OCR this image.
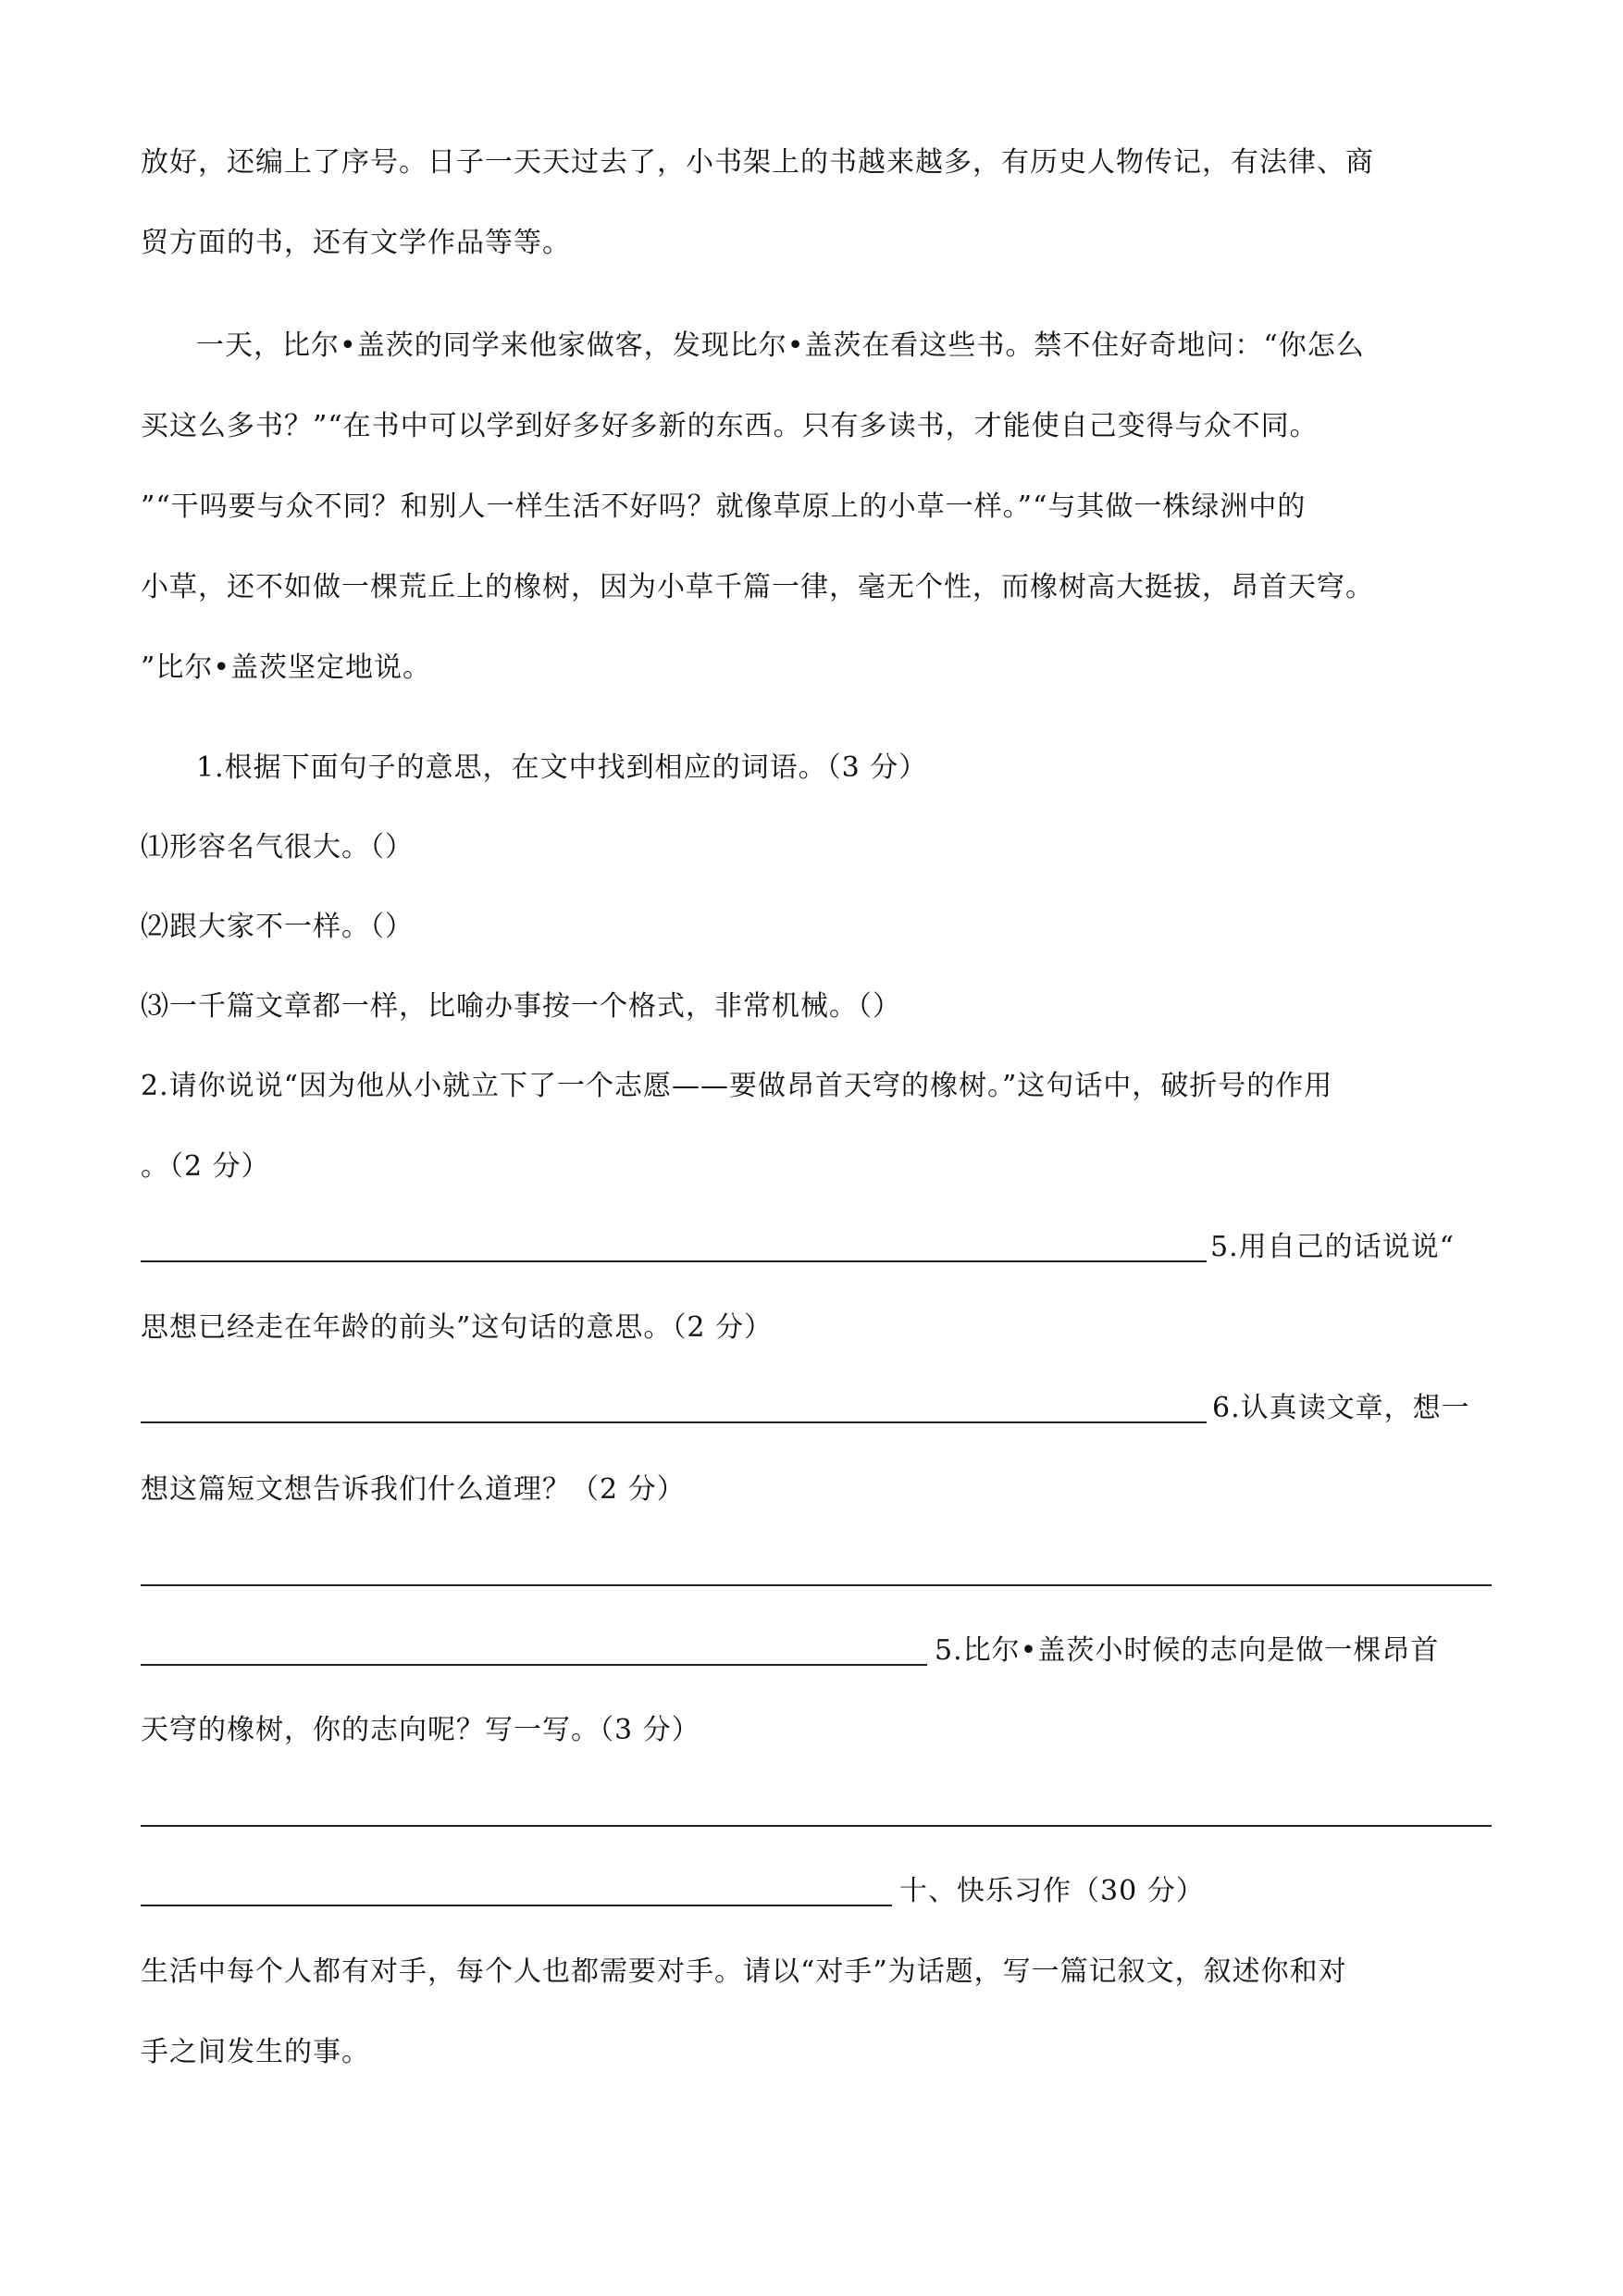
放好，还编上了序号。日子一天天过去了，小书架上的书越来越多，有历史人物传记，有法律、商
贸方面的书，还有文学作品等等。
一天，比尔•盖茨的同学来他家做客，发现比尔•盖茨在看这些书。禁不住好奇地问：“你怎么
买这么多书？”“在书中可以学到好多好多新的东西。只有多读书，才能使自己变得与众不同。
”“干吗要与众不同？和别人一样生活不好吗？就像草原上的小草一样。”“与其做一株绿洲中的
小草，还不如做一棵荒丘上的橡树，因为小草千篇一律，毫无个性，而橡树高大挺拔，昂首天穹。
”比尔•盖茨坚定地说。
1.根据下面句子的意思，在文中找到相应的词语。（3 分）
⑴形容名气很大。（）
⑵跟大家不一样。（）
⑶一千篇文章都一样，比喻办事按一个格式，非常机械。（）
2.请你说说“因为他从小就立下了一个志愿——要做昂首天穹的橡树。”这句话中，破折号的作用
。（2 分）
5.用自己的话说说“
思想已经走在年龄的前头”这句话的意思。（2 分）
6.认真读文章，想一
想这篇短文想告诉我们什么道理？（2 分）
5.比尔•盖茨小时候的志向是做一棵昂首
天穹的橡树，你的志向呢？写一写。（3 分）
十、快乐习作（30 分）
生活中每个人都有对手，每个人也都需要对手。请以“对手”为话题，写一篇记叙文，叙述你和对
手之间发生的事。
